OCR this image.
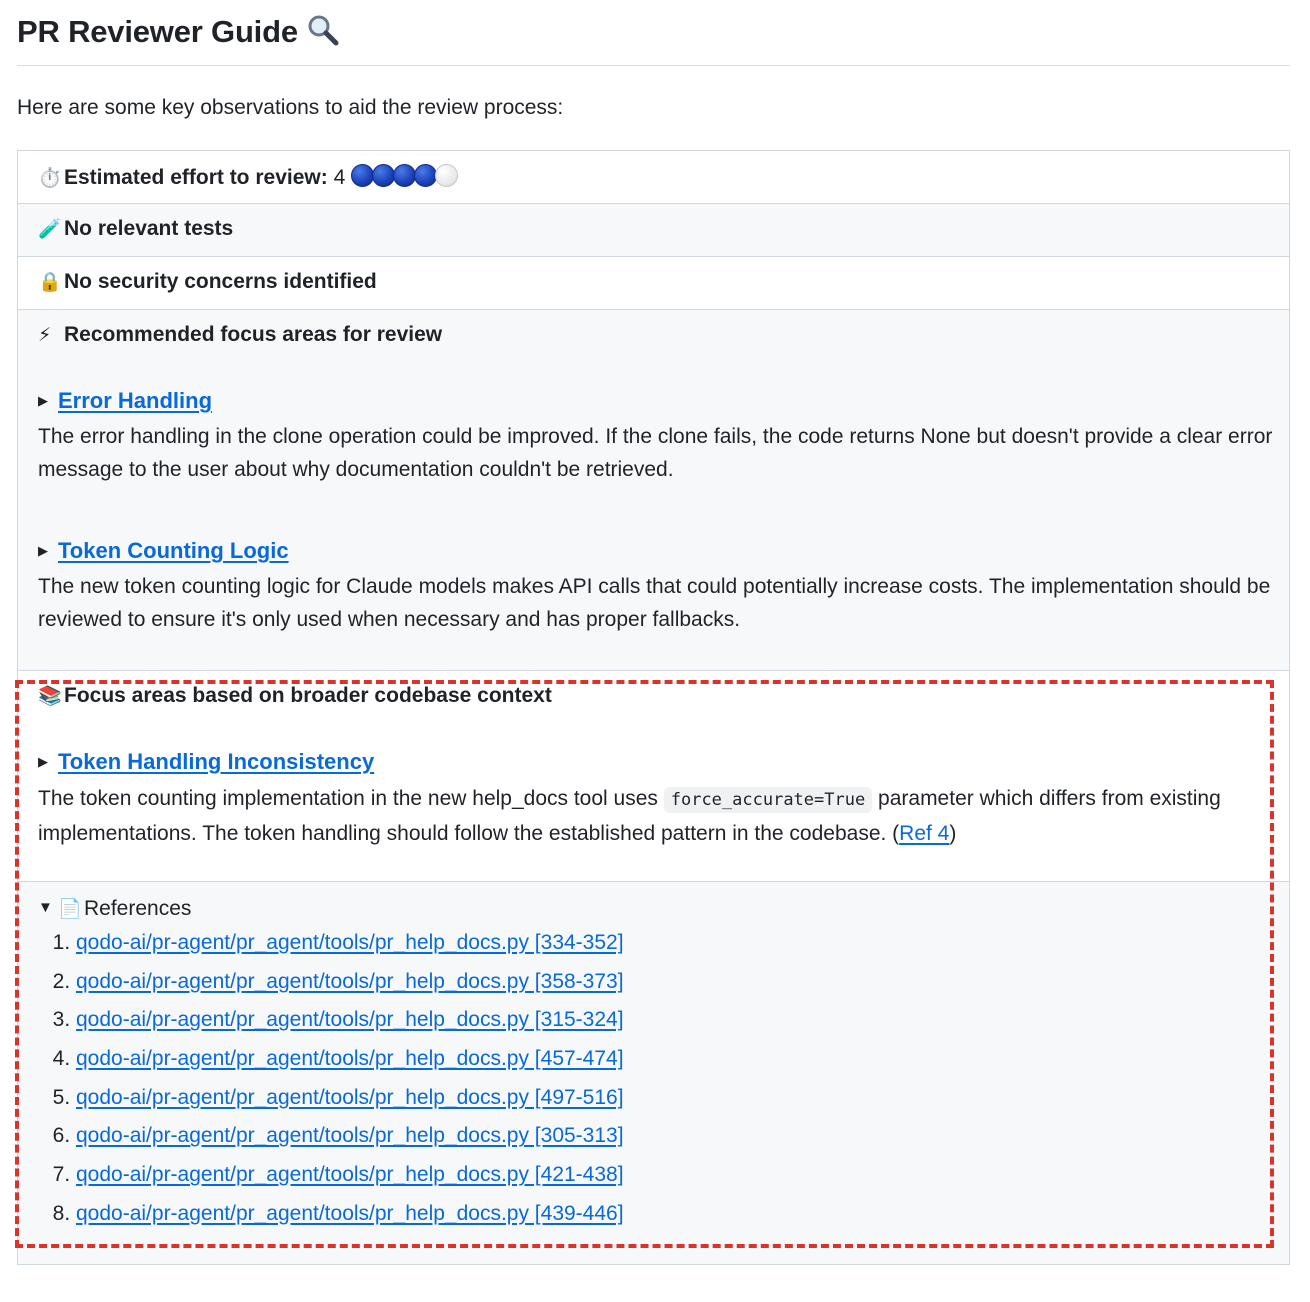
PR Reviewer Guide

Here are some key observations to aid the review process:

⏱️ Estimated effort to review: 4
🧪 No relevant tests
🔒 No security concerns identified
⚡ Recommended focus areas for review
▶ Error Handling

The error handling in the clone operation could be improved. If the clone fails, the code returns None but doesn't provide a clear error message to the user about why documentation couldn't be retrieved.

▶ Token Counting Logic

The new token counting logic for Claude models makes API calls that could potentially increase costs. The implementation should be reviewed to ensure it's only used when necessary and has proper fallbacks.

📚 Focus areas based on broader codebase context
▶ Token Handling Inconsistency

The token counting implementation in the new help_docs tool uses force_accurate=True parameter which differs from existing implementations. The token handling should follow the established pattern in the codebase. (Ref 4)

▼ 📄 References
1. qodo-ai/pr-agent/pr_agent/tools/pr_help_docs.py [334-352]
2. qodo-ai/pr-agent/pr_agent/tools/pr_help_docs.py [358-373]
3. qodo-ai/pr-agent/pr_agent/tools/pr_help_docs.py [315-324]
4. qodo-ai/pr-agent/pr_agent/tools/pr_help_docs.py [457-474]
5. qodo-ai/pr-agent/pr_agent/tools/pr_help_docs.py [497-516]
6. qodo-ai/pr-agent/pr_agent/tools/pr_help_docs.py [305-313]
7. qodo-ai/pr-agent/pr_agent/tools/pr_help_docs.py [421-438]
8. qodo-ai/pr-agent/pr_agent/tools/pr_help_docs.py [439-446]
